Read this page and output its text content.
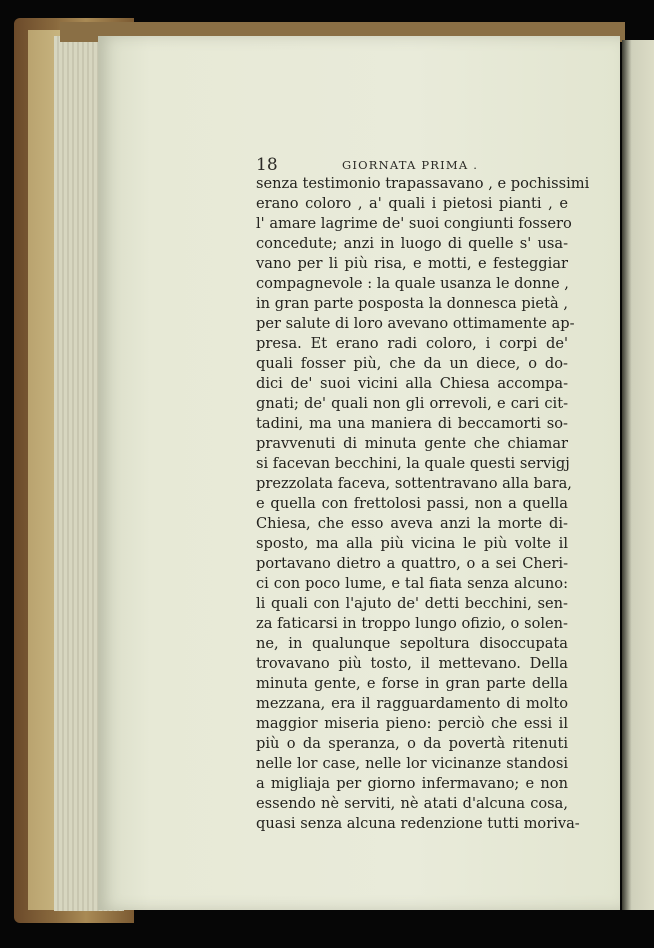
18	GIORNATA PRIMA .
senza testimonio trapassavano , e pochissimi
erano coloro , a' quali i pietosi pianti , e
l' amare lagrime de' suoi congiunti fossero
concedute; anzi in luogo di quelle s' usa-
vano per li più risa, e motti, e festeggiar
compagnevole : la quale usanza le donne ,
in gran parte posposta la donnesca pietà ,
per salute di loro avevano ottimamente ap-
presa. Et erano radi coloro, i corpi de'
quali fosser più, che da un diece, o do-
dici de' suoi vicini alla Chiesa accompa-
gnati; de' quali non gli orrevoli, e cari cit-
tadini, ma una maniera di beccamorti so-
pravvenuti di minuta gente che chiamar
si facevan becchini, la quale questi servigj
prezzolata faceva, sottentravano alla bara,
e quella con frettolosi passi, non a quella
Chiesa, che esso aveva anzi la morte di-
sposto, ma alla più vicina le più volte il
portavano dietro a quattro, o a sei Cheri-
ci con poco lume, e tal fiata senza alcuno:
li quali con l'ajuto de' detti becchini, sen-
za faticarsi in troppo lungo ofizio, o solen-
ne, in qualunque sepoltura disoccupata
trovavano più tosto, il mettevano. Della
minuta gente, e forse in gran parte della
mezzana, era il ragguardamento di molto
maggior miseria pieno: perciò che essi il
più o da speranza, o da povertà ritenuti
nelle lor case, nelle lor vicinanze standosi
a migliaja per giorno infermavano; e non
essendo nè serviti, nè atati d'alcuna cosa,
quasi senza alcuna redenzione tutti moriva-
